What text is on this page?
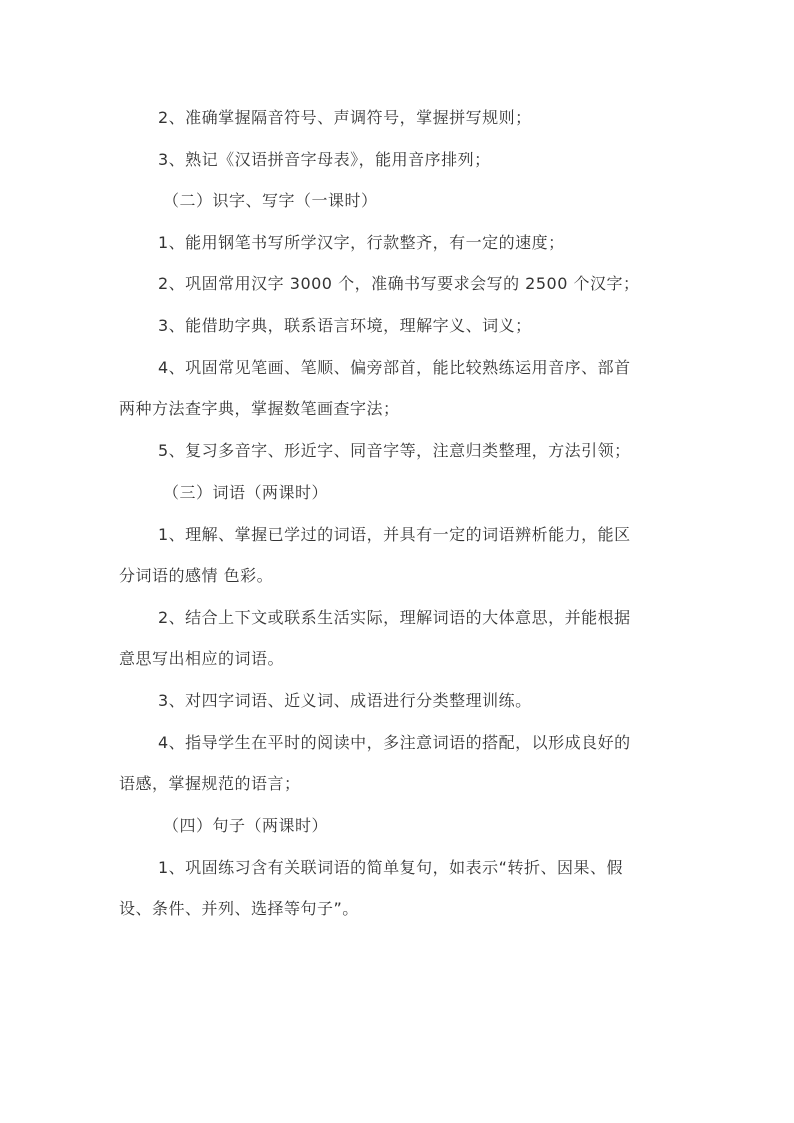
2、准确掌握隔音符号、声调符号，掌握拼写规则；
3、熟记《汉语拼音字母表》，能用音序排列；
（二）识字、写字（一课时）
1、能用钢笔书写所学汉字，行款整齐，有一定的速度；
2、巩固常用汉字 3000 个，准确书写要求会写的 2500 个汉字；
3、能借助字典，联系语言环境，理解字义、词义；
4、巩固常见笔画、笔顺、偏旁部首，能比较熟练运用音序、部首
两种方法查字典，掌握数笔画查字法；
5、复习多音字、形近字、同音字等，注意归类整理，方法引领；
（三）词语（两课时）
1、理解、掌握已学过的词语，并具有一定的词语辨析能力，能区
分词语的感情 色彩。
2、结合上下文或联系生活实际，理解词语的大体意思，并能根据
意思写出相应的词语。
3、对四字词语、近义词、成语进行分类整理训练。
4、指导学生在平时的阅读中，多注意词语的搭配，以形成良好的
语感，掌握规范的语言；
（四）句子（两课时）
1、巩固练习含有关联词语的简单复句，如表示“转折、因果、假
设、条件、并列、选择等句子”。
